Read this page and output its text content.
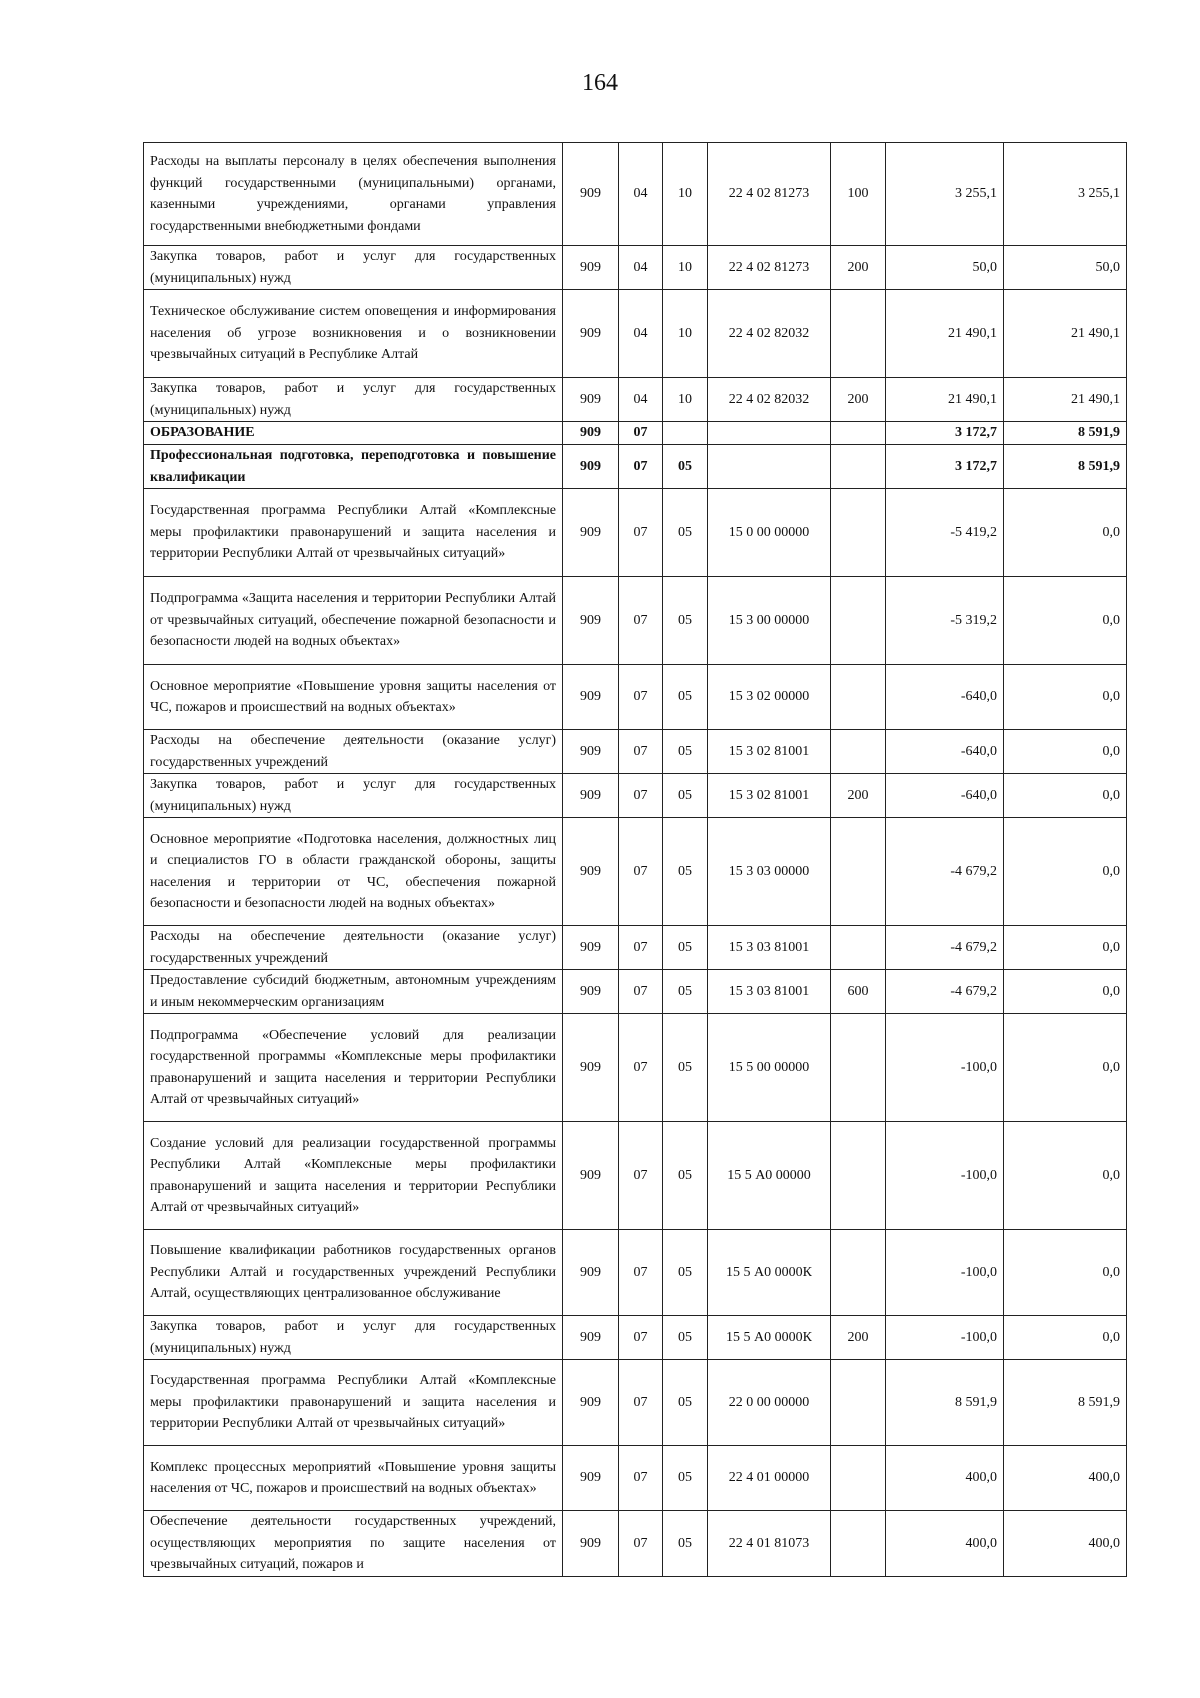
164
Расходы на выплаты персоналу в целях обеспечения выполнения функций государственными (муниципальными) органами, казенными учреждениями, органами управления государственными внебюджетными фондами	909	04	10	22 4 02 81273	100	3 255,1	3 255,1
Закупка товаров, работ и услуг для государственных (муниципальных) нужд	909	04	10	22 4 02 81273	200	50,0	50,0
Техническое обслуживание систем оповещения и информирования населения об угрозе возникновения и о возникновении чрезвычайных ситуаций в Республике Алтай	909	04	10	22 4 02 82032		21 490,1	21 490,1
Закупка товаров, работ и услуг для государственных (муниципальных) нужд	909	04	10	22 4 02 82032	200	21 490,1	21 490,1
ОБРАЗОВАНИЕ	909	07				3 172,7	8 591,9
Профессиональная подготовка, переподготовка и повышение квалификации	909	07	05			3 172,7	8 591,9
Государственная программа Республики Алтай «Комплексные меры профилактики правонарушений и защита населения и территории Республики Алтай от чрезвычайных ситуаций»	909	07	05	15 0 00 00000		-5 419,2	0,0
Подпрограмма «Защита населения и территории Республики Алтай от чрезвычайных ситуаций, обеспечение пожарной безопасности и безопасности людей на водных объектах»	909	07	05	15 3 00 00000		-5 319,2	0,0
Основное мероприятие «Повышение уровня защиты населения от ЧС, пожаров и происшествий на водных объектах»	909	07	05	15 3 02 00000		-640,0	0,0
Расходы на обеспечение деятельности (оказание услуг) государственных учреждений	909	07	05	15 3 02 81001		-640,0	0,0
Закупка товаров, работ и услуг для государственных (муниципальных) нужд	909	07	05	15 3 02 81001	200	-640,0	0,0
Основное мероприятие «Подготовка населения, должностных лиц и специалистов ГО в области гражданской обороны, защиты населения и территории от ЧС, обеспечения пожарной безопасности и безопасности людей на водных объектах»	909	07	05	15 3 03 00000		-4 679,2	0,0
Расходы на обеспечение деятельности (оказание услуг) государственных учреждений	909	07	05	15 3 03 81001		-4 679,2	0,0
Предоставление субсидий бюджетным, автономным учреждениям и иным некоммерческим организациям	909	07	05	15 3 03 81001	600	-4 679,2	0,0
Подпрограмма «Обеспечение условий для реализации государственной программы «Комплексные меры профилактики правонарушений и защита населения и территории Республики Алтай от чрезвычайных ситуаций»	909	07	05	15 5 00 00000		-100,0	0,0
Создание условий для реализации государственной программы Республики Алтай «Комплексные меры профилактики правонарушений и защита населения и территории Республики Алтай от чрезвычайных ситуаций»	909	07	05	15 5 А0 00000		-100,0	0,0
Повышение квалификации работников государственных органов Республики Алтай и государственных учреждений Республики Алтай, осуществляющих централизованное обслуживание	909	07	05	15 5 А0 0000К		-100,0	0,0
Закупка товаров, работ и услуг для государственных (муниципальных) нужд	909	07	05	15 5 А0 0000К	200	-100,0	0,0
Государственная программа Республики Алтай «Комплексные меры профилактики правонарушений и защита населения и территории Республики Алтай от чрезвычайных ситуаций»	909	07	05	22 0 00 00000		8 591,9	8 591,9
Комплекс процессных мероприятий «Повышение уровня защиты населения от ЧС, пожаров и происшествий на водных объектах»	909	07	05	22 4 01 00000		400,0	400,0
Обеспечение деятельности государственных учреждений, осуществляющих мероприятия по защите населения от чрезвычайных ситуаций, пожаров и	909	07	05	22 4 01 81073		400,0	400,0
